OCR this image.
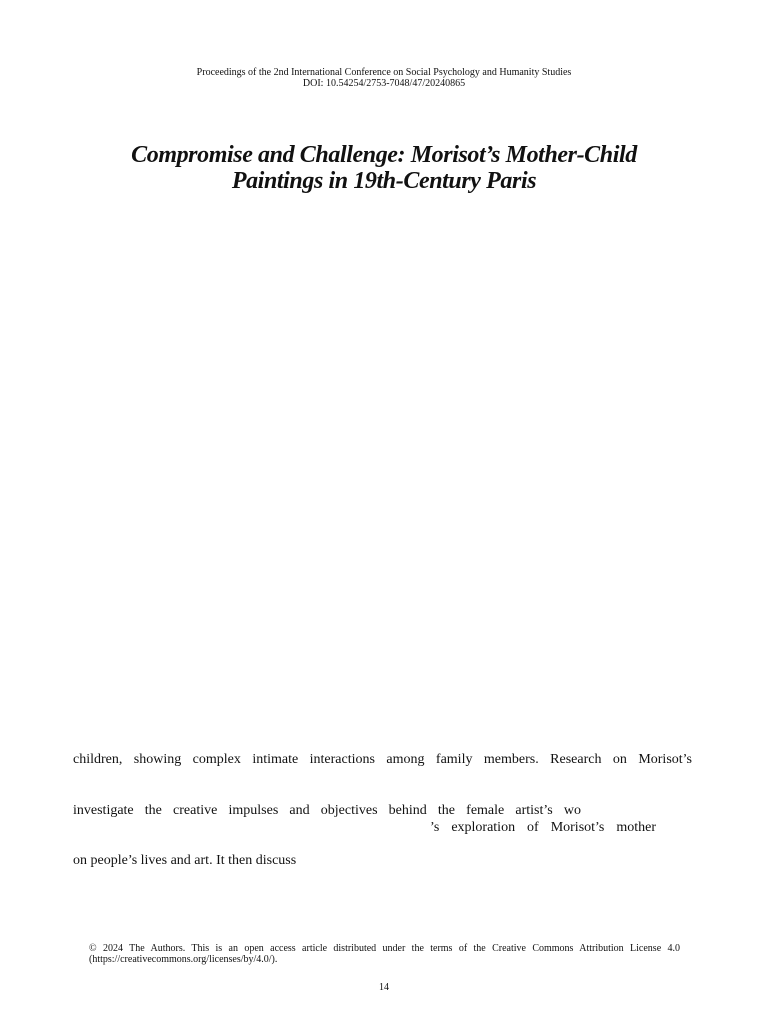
Proceedings of the 2nd International Conference on Social Psychology and Humanity Studies
DOI: 10.54254/2753-7048/47/20240865
Compromise and Challenge: Morisot’s Mother-Child
Paintings in 19th-Century Paris
children, showing complex intimate interactions among family members. Research on Morisot’s
investigate the creative impulses and objectives behind the female artist’s wo
’s exploration of Morisot’s mother
on people’s lives and art. It then discuss
© 2024 The Authors. This is an open access article distributed under the terms of the Creative Commons Attribution License 4.0
(https://creativecommons.org/licenses/by/4.0/).
14
